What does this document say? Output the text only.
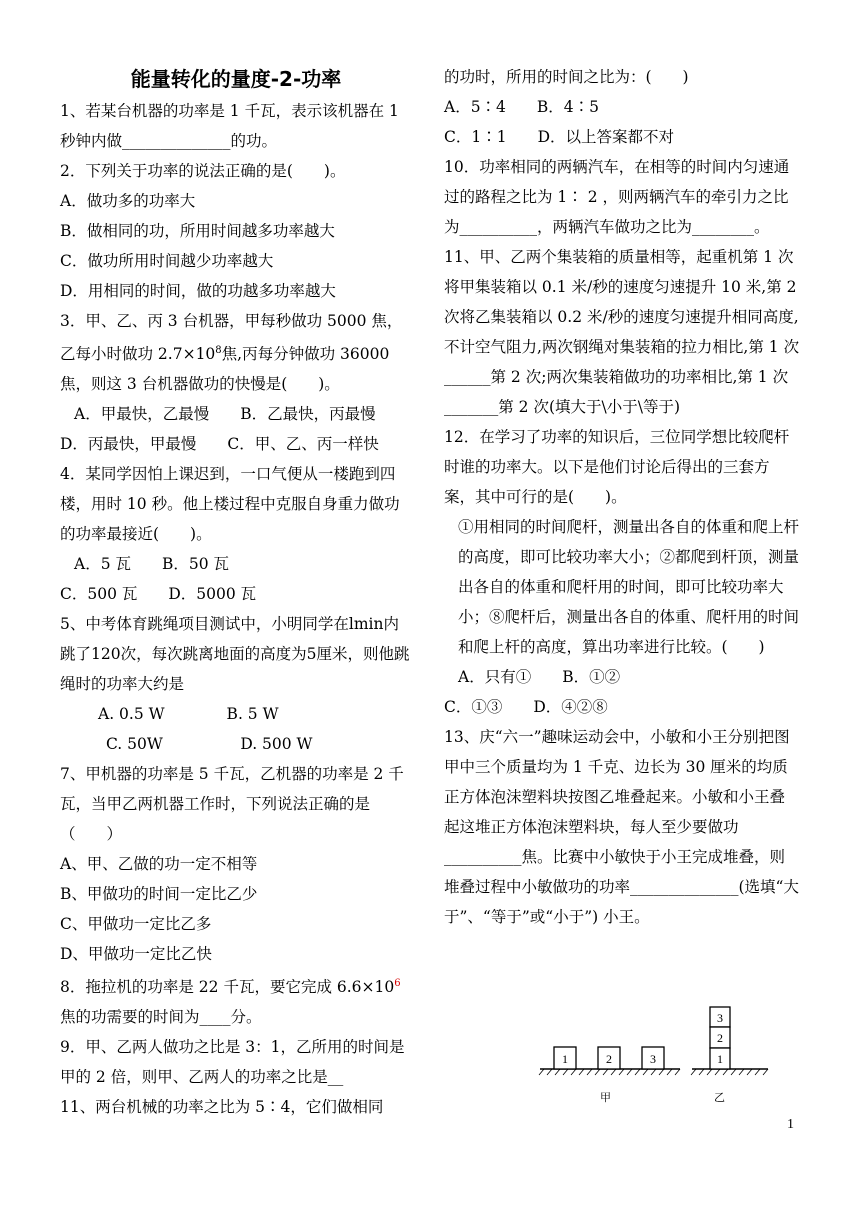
能量转化的量度-2-功率

1、若某台机器的功率是 1 千瓦，表示该机器在 1 秒钟内做______________的功。

2．下列关于功率的说法正确的是(　　)。

A．做功多的功率大

B．做相同的功，所用时间越多功率越大

C．做功所用时间越少功率越大

D．用相同的时间，做的功越多功率越大

3．甲、乙、丙 3 台机器，甲每秒做功 5000 焦，乙每小时做功 $2.7\times 10^8$焦,丙每分钟做功 36000 焦，则这 3 台机器做功的快慢是(　　)。

A．甲最快，乙最慢　　B．乙最快，丙最慢

D．丙最快，甲最慢　　C．甲、乙、丙一样快

4．某同学因怕上课迟到，一口气便从一楼跑到四楼，用时 10 秒。他上楼过程中克服自身重力做功的功率最接近(　　)。

A．5 瓦　　B．50 瓦

C．500 瓦　　D．5000 瓦

5、中考体育跳绳项目测试中，小明同学在lmin内跳了120次，每次跳离地面的高度为5厘米，则他跳绳时的功率大约是

A. 0.5 W　　　　B. 5 W

C. 50W　　　　　D. 500 W

7、甲机器的功率是 5 千瓦，乙机器的功率是 2 千瓦，当甲乙两机器工作时，下列说法正确的是（　　）

A、甲、乙做的功一定不相等

B、甲做功的时间一定比乙少

C、甲做功一定比乙多

D、甲做功一定比乙快

8．拖拉机的功率是 22 千瓦，要它完成 $6.6\times 10^6$焦的功需要的时间为____分。

9．甲、乙两人做功之比是 3：1，乙所用的时间是甲的 2 倍，则甲、乙两人的功率之比是__

11、两台机械的功率之比为 5∶4，它们做相同

的功时，所用的时间之比为：(　　)

A．5∶4　　B．4∶5

C．1∶1　　D．以上答案都不对

10．功率相同的两辆汽车，在相等的时间内匀速通过的路程之比为 1∶ 2 ，则两辆汽车的牵引力之比为__________，两辆汽车做功之比为________。

11、甲、乙两个集装箱的质量相等，起重机第 1 次将甲集装箱以 0.1 米/秒的速度匀速提升 10 米,第 2 次将乙集装箱以 0.2 米/秒的速度匀速提升相同高度,不计空气阻力,两次钢绳对集装箱的拉力相比,第 1 次______第 2 次;两次集装箱做功的功率相比,第 1 次_______第 2 次(填大于\小于\等于)

12．在学习了功率的知识后，三位同学想比较爬杆时谁的功率大。以下是他们讨论后得出的三套方案，其中可行的是(　　)。

①用相同的时间爬杆，测量出各自的体重和爬上杆的高度，即可比较功率大小；②都爬到杆顶，测量出各自的体重和爬杆用的时间，即可比较功率大小；⑧爬杆后，测量出各自的体重、爬杆用的时间和爬上杆的高度，算出功率进行比较。(　　)

A．只有①　　B．①②

C．①③　　D．④②⑧

13、庆“六一”趣味运动会中，小敏和小王分别把图甲中三个质量均为 1 千克、边长为 30 厘米的均质正方体泡沫塑料块按图乙堆叠起来。小敏和小王叠起这堆正方体泡沫塑料块，每人至少要做功__________焦。比赛中小敏快于小王完成堆叠，则堆叠过程中小敏做功的功率______________(选填“大于”、“等于”或“小于”) 小王。

1	2	3
甲
3
2
1
乙
1
